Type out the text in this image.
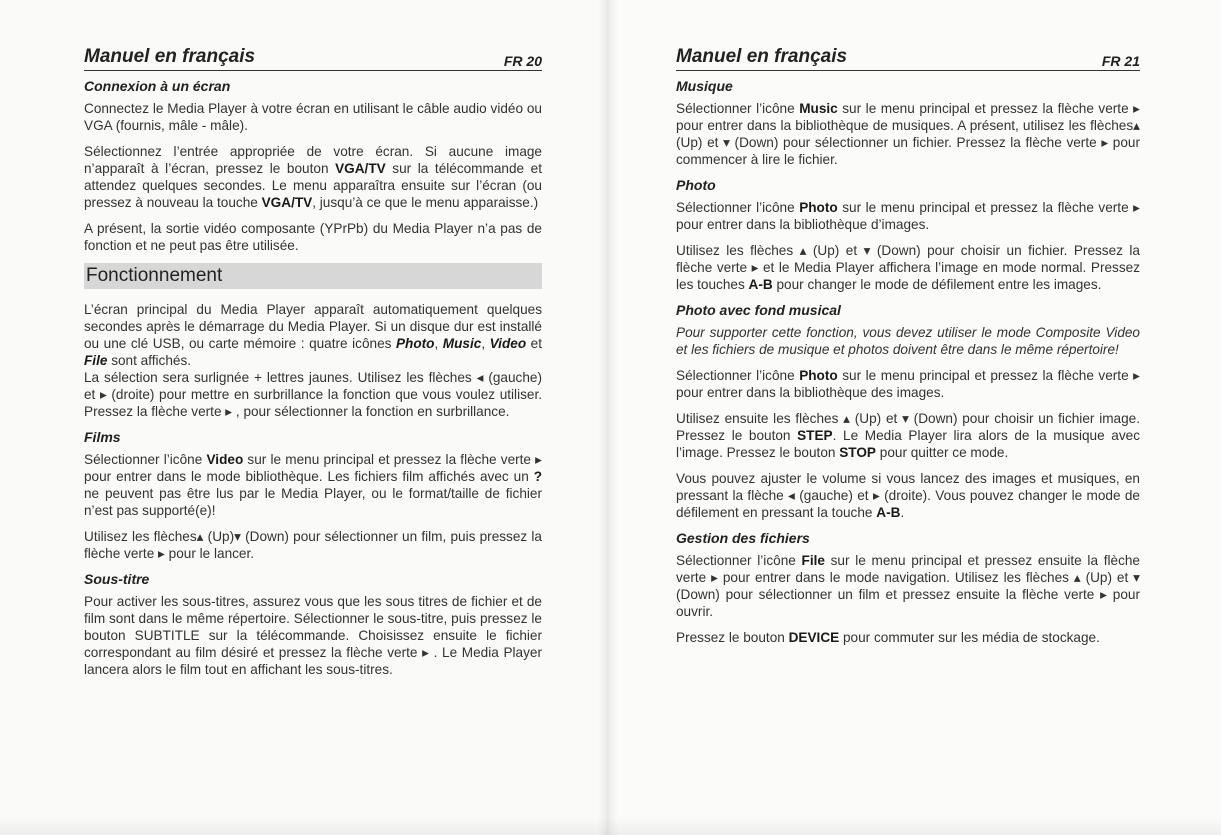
Manuel en français	FR 20
Connexion à un écran

Connectez le Media Player à votre écran en utilisant le câble audio vidéo ou VGA (fournis, mâle - mâle).

Sélectionnez l’entrée appropriée de votre écran. Si aucune image n’apparaît à l’écran, pressez le bouton VGA/TV sur la télécommande et attendez quelques secondes. Le menu apparaîtra ensuite sur l’écran (ou pressez à nouveau la touche VGA/TV, jusqu’à ce que le menu apparaisse.)

A présent, la sortie vidéo composante (YPrPb) du Media Player n’a pas de fonction et ne peut pas être utilisée.

Fonctionnement

L’écran principal du Media Player apparaît automatiquement quelques secondes après le démarrage du Media Player. Si un disque dur est installé ou une clé USB, ou carte mémoire : quatre icônes Photo, Music, Video et File sont affichés.

La sélection sera surlignée + lettres jaunes. Utilisez les flèches ◂ (gauche) et ▸ (droite) pour mettre en surbrillance la fonction que vous voulez utiliser. Pressez la flèche verte ▸ , pour sélectionner la fonction en surbrillance.

Films

Sélectionner l’icône Video sur le menu principal et pressez la flèche verte ▸ pour entrer dans le mode bibliothèque. Les fichiers film affichés avec un ? ne peuvent pas être lus par le Media Player, ou le format/taille de fichier n’est pas supporté(e)!

Utilisez les flèches▴ (Up)▾ (Down) pour sélectionner un film, puis pressez la flèche verte ▸ pour le lancer.

Sous-titre

Pour activer les sous-titres, assurez vous que les sous titres de fichier et de film sont dans le même répertoire. Sélectionner le sous-titre, puis pressez le bouton SUBTITLE sur la télécommande. Choisissez ensuite le fichier correspondant au film désiré et pressez la flèche verte ▸ . Le Media Player lancera alors le film tout en affichant les sous-titres.

Manuel en français	FR 21
Musique

Sélectionner l’icône Music sur le menu principal et pressez la flèche verte ▸ pour entrer dans la bibliothèque de musiques. A présent, utilisez les flèches▴ (Up) et ▾ (Down) pour sélectionner un fichier. Pressez la flèche verte ▸ pour commencer à lire le fichier.

Photo

Sélectionner l’icône Photo sur le menu principal et pressez la flèche verte ▸ pour entrer dans la bibliothèque d’images.

Utilisez les flèches ▴ (Up) et ▾ (Down) pour choisir un fichier. Pressez la flèche verte ▸ et le Media Player affichera l’image en mode normal. Pressez les touches A-B pour changer le mode de défilement entre les images.

Photo avec fond musical

Pour supporter cette fonction, vous devez utiliser le mode Composite Video et les fichiers de musique et photos doivent être dans le même répertoire!

Sélectionner l’icône Photo sur le menu principal et pressez la flèche verte ▸ pour entrer dans la bibliothèque des images.

Utilisez ensuite les flèches ▴ (Up) et ▾ (Down) pour choisir un fichier image. Pressez le bouton STEP. Le Media Player lira alors de la musique avec l’image. Pressez le bouton STOP pour quitter ce mode.

Vous pouvez ajuster le volume si vous lancez des images et musiques, en pressant la flèche ◂ (gauche) et ▸ (droite). Vous pouvez changer le mode de défilement en pressant la touche A-B.

Gestion des fichiers

Sélectionner l’icône File sur le menu principal et pressez ensuite la flèche verte ▸ pour entrer dans le mode navigation. Utilisez les flèches ▴ (Up) et ▾ (Down) pour sélectionner un film et pressez ensuite la flèche verte ▸ pour ouvrir.

Pressez le bouton DEVICE pour commuter sur les média de stockage.
